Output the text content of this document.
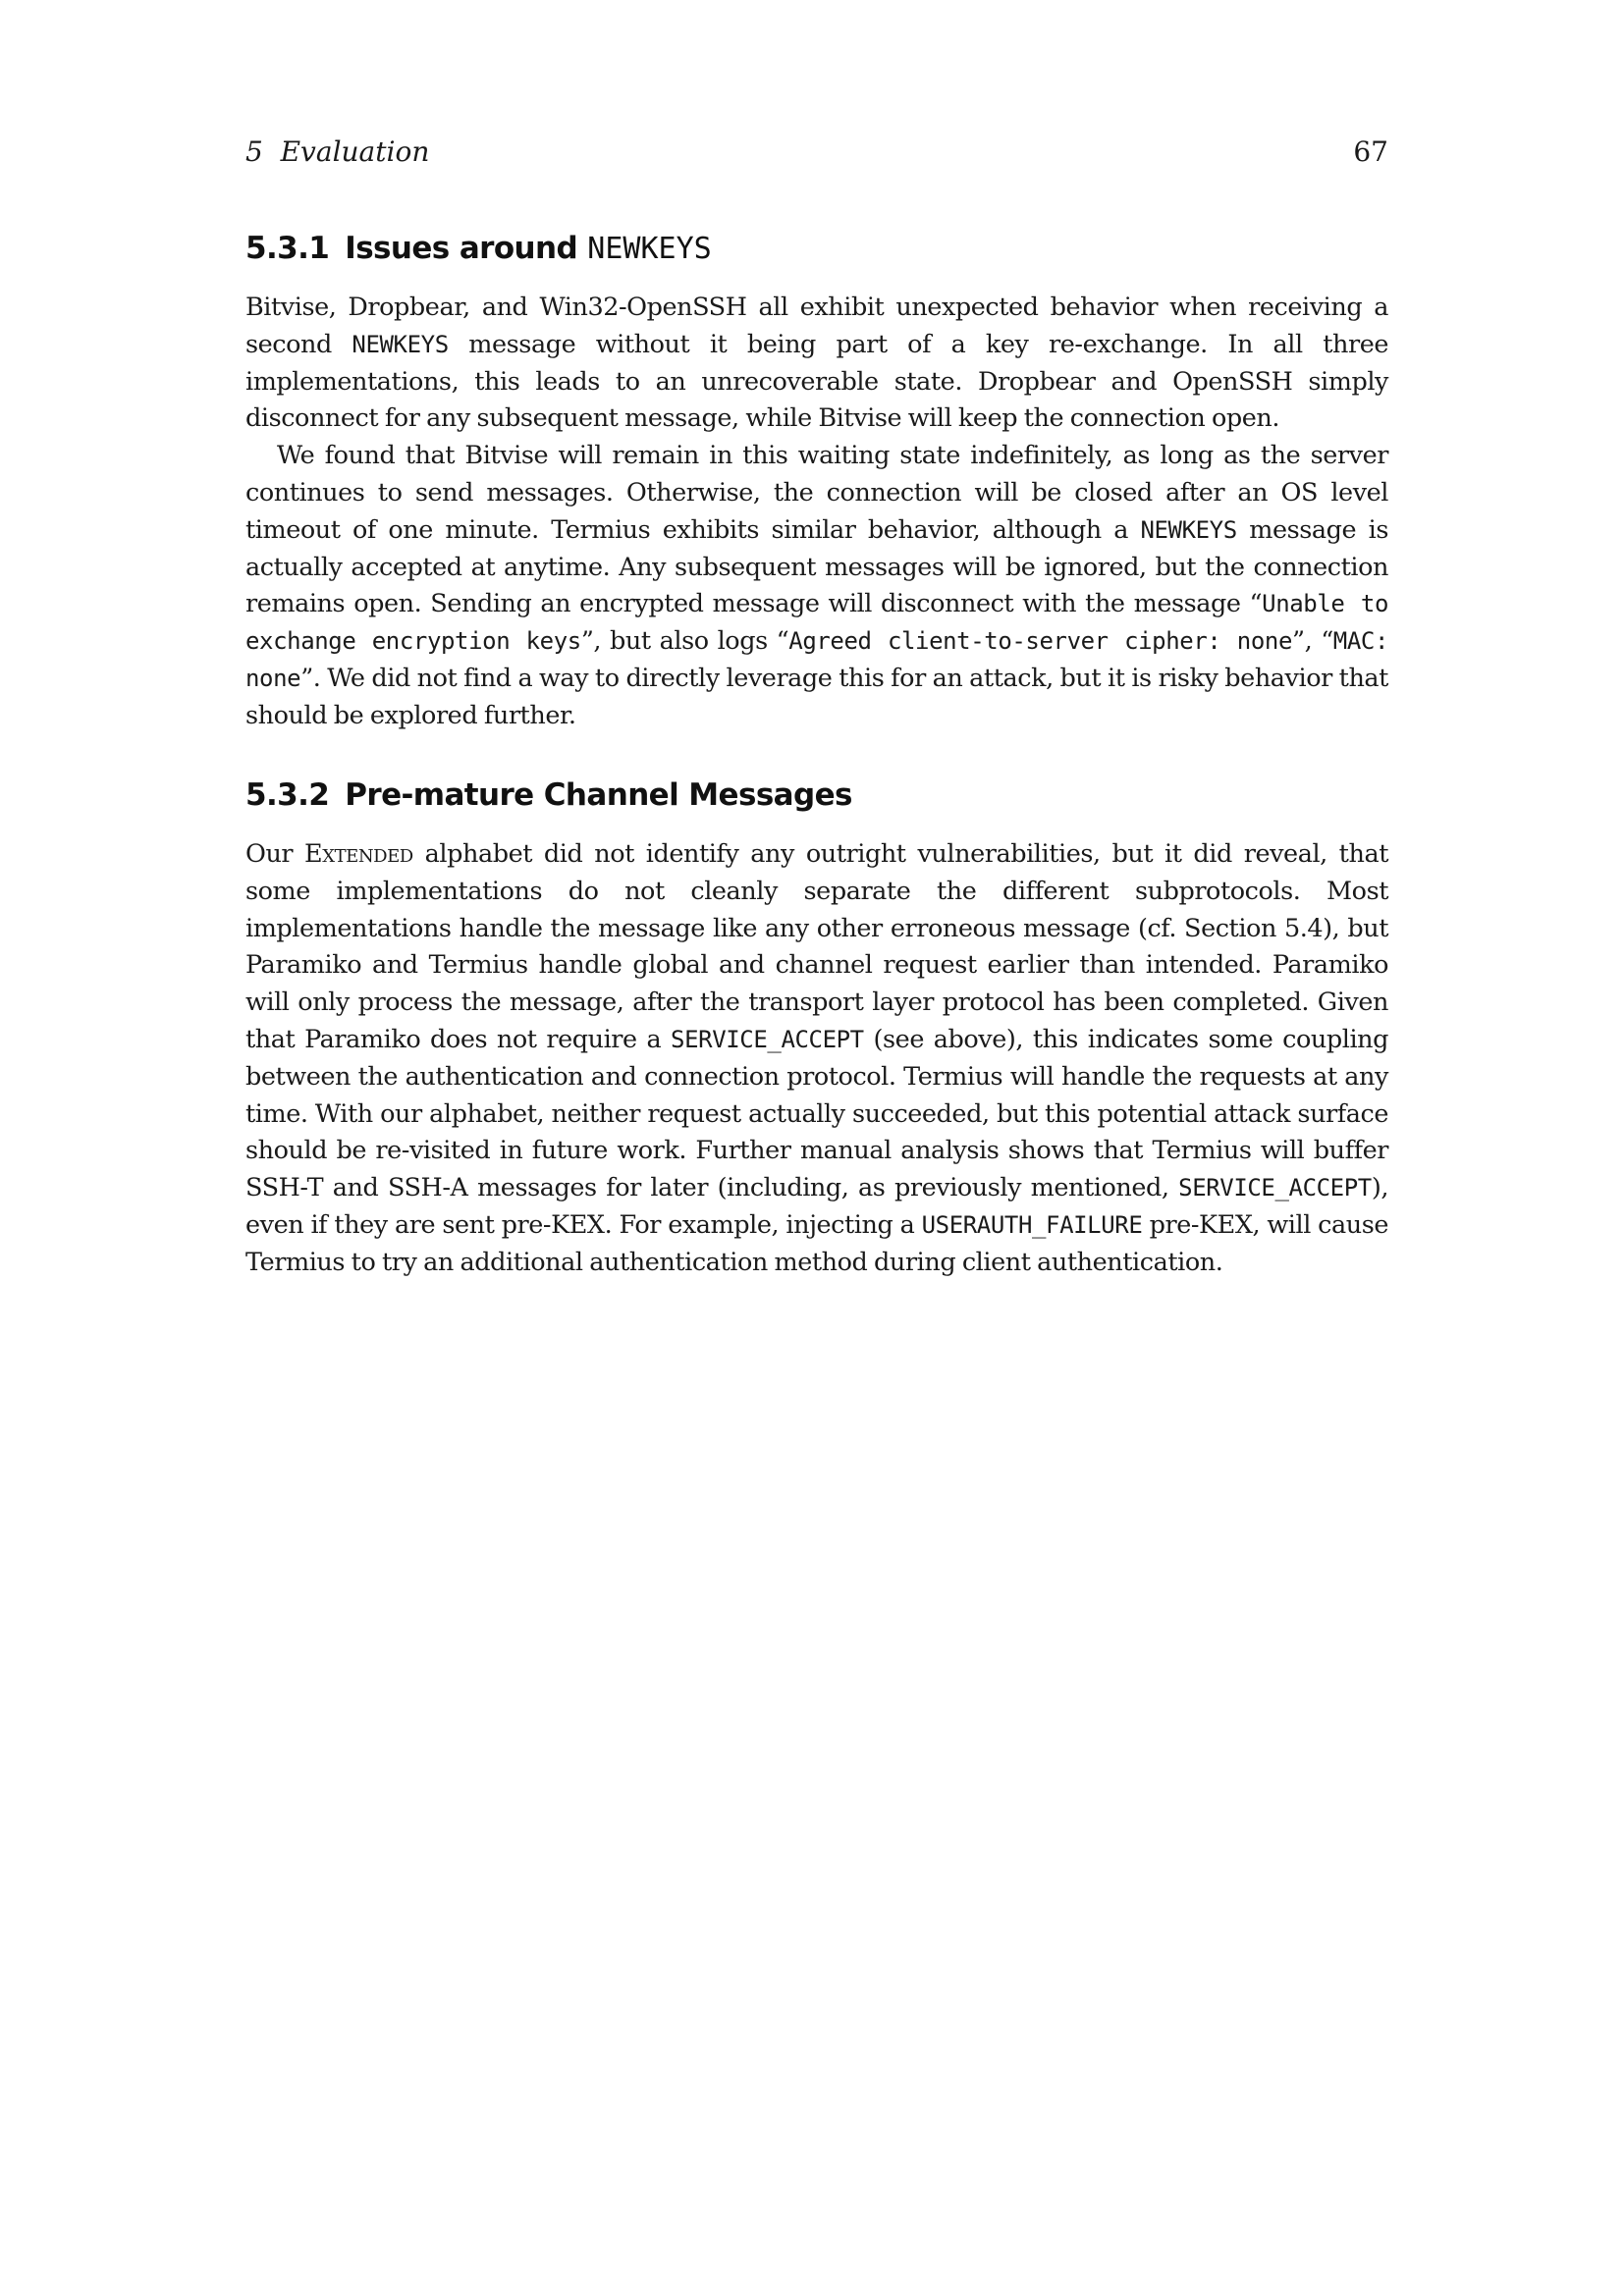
5  Evaluation	67
5.3.1 Issues around NEWKEYS

Bitvise, Dropbear, and Win32-OpenSSH all exhibit unexpected behavior when receiving a second NEWKEYS message without it being part of a key re-exchange. In all three implementations, this leads to an unrecoverable state. Dropbear and OpenSSH simply disconnect for any subsequent message, while Bitvise will keep the connection open.

We found that Bitvise will remain in this waiting state indefinitely, as long as the server continues to send messages. Otherwise, the connection will be closed after an OS level timeout of one minute. Termius exhibits similar behavior, although a NEWKEYS message is actually accepted at anytime. Any subsequent messages will be ignored, but the connection remains open. Sending an encrypted message will disconnect with the message “Unable to exchange encryption keys”, but also logs “Agreed client-to-server cipher: none”, “MAC: none”. We did not find a way to directly leverage this for an attack, but it is risky behavior that should be explored further.

5.3.2 Pre-mature Channel Messages

Our Extended alphabet did not identify any outright vulnerabilities, but it did reveal, that some implementations do not cleanly separate the different subprotocols. Most implementations handle the message like any other erroneous message (cf. Section 5.4), but Paramiko and Termius handle global and channel request earlier than intended. Paramiko will only process the message, after the transport layer protocol has been completed. Given that Paramiko does not require a SERVICE_ACCEPT (see above), this indicates some coupling between the authentication and connection protocol. Termius will handle the requests at any time. With our alphabet, neither request actually succeeded, but this potential attack surface should be re-visited in future work. Further manual analysis shows that Termius will buffer SSH-T and SSH-A messages for later (including, as previously mentioned, SERVICE_ACCEPT), even if they are sent pre-KEX. For example, injecting a USERAUTH_FAILURE pre-KEX, will cause Termius to try an additional authentication method during client authentication.
